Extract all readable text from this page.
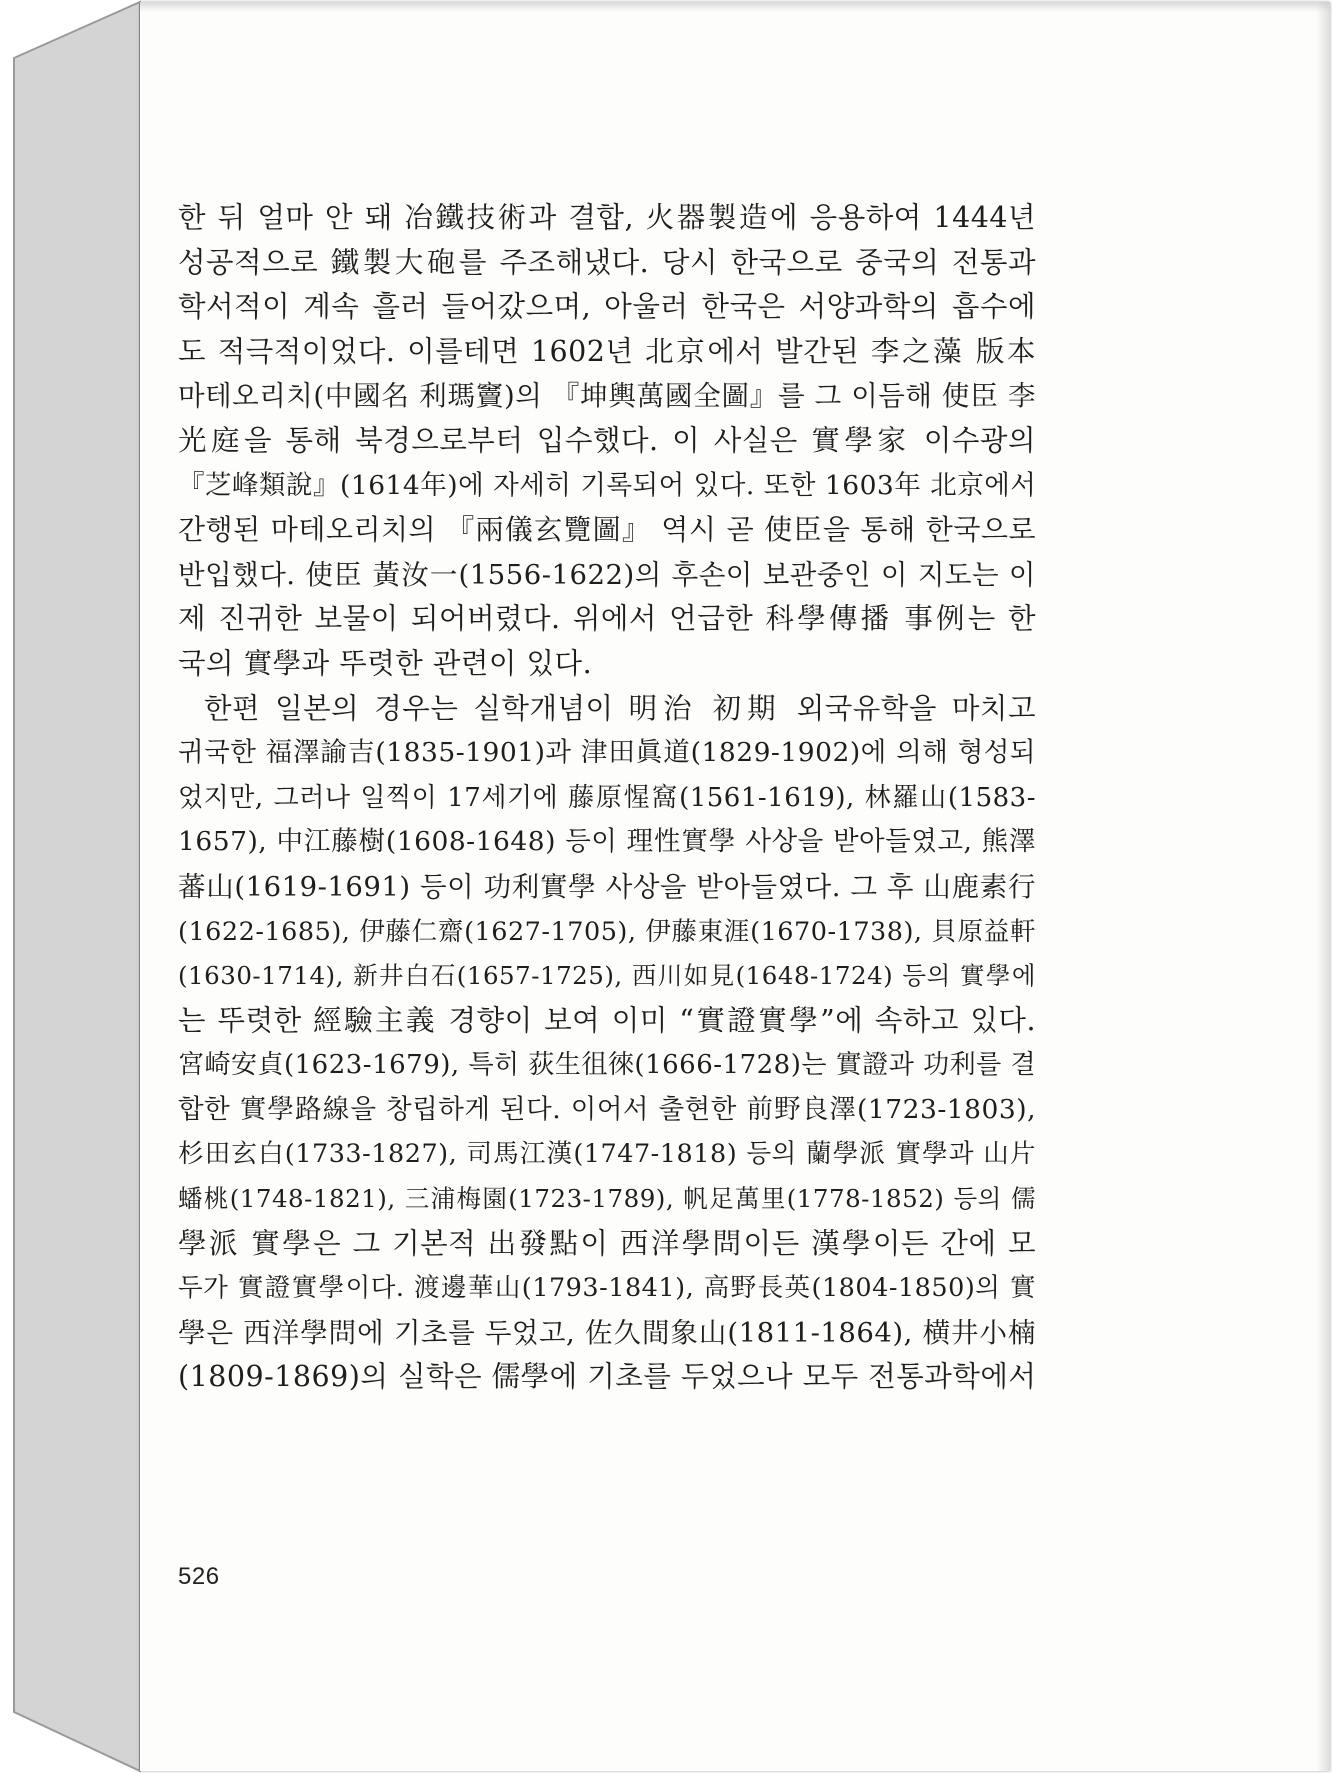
한 뒤 얼마 안 돼 冶鐵技術과 결합, 火器製造에 응용하여 1444년
성공적으로 鐵製大砲를 주조해냈다. 당시 한국으로 중국의 전통과
학서적이 계속 흘러 들어갔으며, 아울러 한국은 서양과학의 흡수에
도 적극적이었다. 이를테면 1602년 北京에서 발간된 李之藻 版本
마테오리치(中國名 利瑪竇)의 『坤輿萬國全圖』를 그 이듬해 使臣 李
光庭을 통해 북경으로부터 입수했다. 이 사실은 實學家 이수광의
『芝峰類說』(1614年)에 자세히 기록되어 있다. 또한 1603年 北京에서
간행된 마테오리치의 『兩儀玄覽圖』 역시 곧 使臣을 통해 한국으로
반입했다. 使臣 黃汝一(1556-1622)의 후손이 보관중인 이 지도는 이
제 진귀한 보물이 되어버렸다. 위에서 언급한 科學傳播 事例는 한
국의 實學과 뚜렷한 관련이 있다.

한편 일본의 경우는 실학개념이 明治 初期 외국유학을 마치고
귀국한 福澤諭吉(1835-1901)과 津田眞道(1829-1902)에 의해 형성되
었지만, 그러나 일찍이 17세기에 藤原惺窩(1561-1619), 林羅山(1583-
1657), 中江藤樹(1608-1648) 등이 理性實學 사상을 받아들였고, 熊澤
蕃山(1619-1691) 등이 功利實學 사상을 받아들였다. 그 후 山鹿素行
(1622-1685), 伊藤仁齋(1627-1705), 伊藤東涯(1670-1738), 貝原益軒
(1630-1714), 新井白石(1657-1725), 西川如見(1648-1724) 등의 實學에
는 뚜렷한 經驗主義 경향이 보여 이미 “實證實學”에 속하고 있다.
宮崎安貞(1623-1679), 특히 荻生徂徠(1666-1728)는 實證과 功利를 결
합한 實學路線을 창립하게 된다. 이어서 출현한 前野良澤(1723-1803),
杉田玄白(1733-1827), 司馬江漢(1747-1818) 등의 蘭學派 實學과 山片
蟠桃(1748-1821), 三浦梅園(1723-1789), 帆足萬里(1778-1852) 등의 儒
學派 實學은 그 기본적 出發點이 西洋學問이든 漢學이든 간에 모
두가 實證實學이다. 渡邊華山(1793-1841), 高野長英(1804-1850)의 實
學은 西洋學問에 기초를 두었고, 佐久間象山(1811-1864), 横井小楠
(1809-1869)의 실학은 儒學에 기초를 두었으나 모두 전통과학에서

526
